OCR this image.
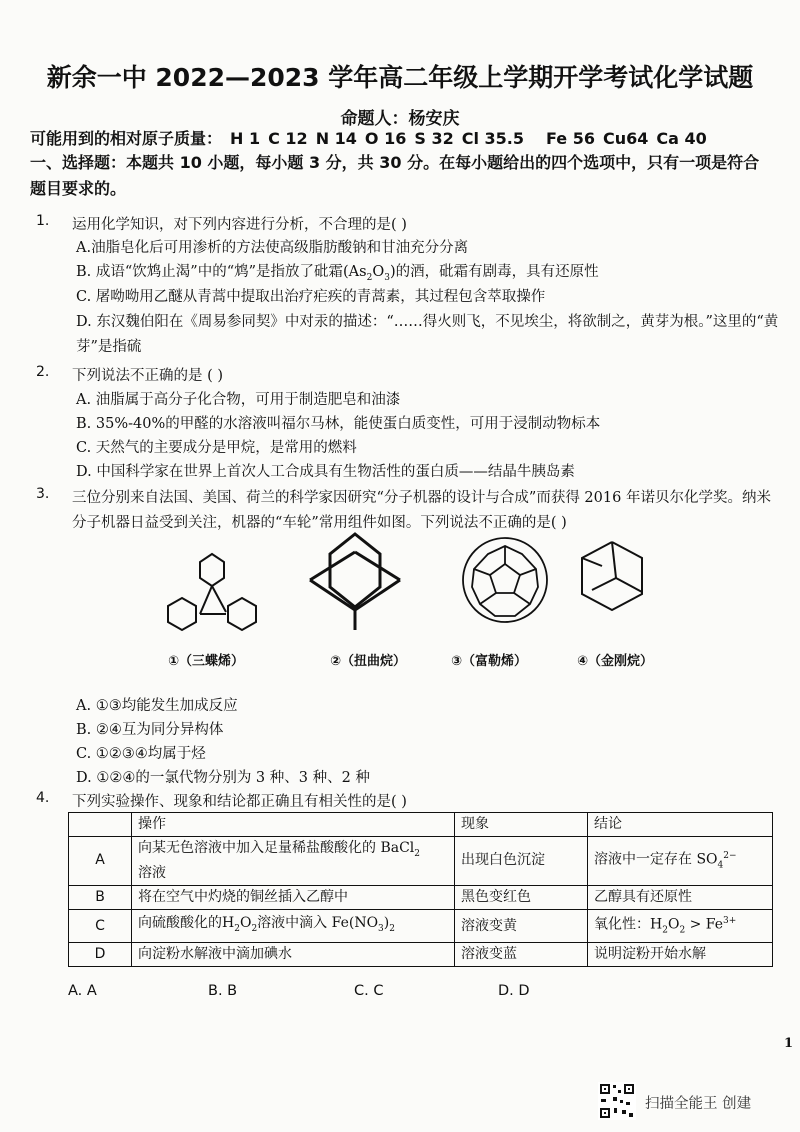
新余一中 2022—2023 学年高二年级上学期开学考试化学试题
命题人：杨安庆
可能用到的相对原子质量： H 1 C 12 N 14 O 16 S 32 Cl 35.5 Fe 56 Cu64 Ca 40
一、选择题：本题共 10 小题，每小题 3 分，共 30 分。在每小题给出的四个选项中，只有一项是符合题目要求的。
1. 运用化学知识，对下列内容进行分析，不合理的是( )
A.油脂皂化后可用渗析的方法使高级脂肪酸钠和甘油充分分离
B. 成语“饮鸩止渴”中的“鸩”是指放了砒霜$(As_2O_3)$的酒，砒霜有剧毒，具有还原性
C. 屠呦呦用乙醚从青蒿中提取出治疗疟疾的青蒿素，其过程包含萃取操作
D. 东汉魏伯阳在《周易参同契》中对汞的描述：“……得火则飞，不见埃尘，将欲制之，黄芽为根。”这里的“黄芽”是指硫
2. 下列说法不正确的是 ( )
A. 油脂属于高分子化合物，可用于制造肥皂和油漆
B. 35%-40%的甲醛的水溶液叫福尔马林，能使蛋白质变性，可用于浸制动物标本
C. 天然气的主要成分是甲烷，是常用的燃料
D. 中国科学家在世界上首次人工合成具有生物活性的蛋白质——结晶牛胰岛素
3. 三位分别来自法国、美国、荷兰的科学家因研究“分子机器的设计与合成”而获得 2016 年诺贝尔化学奖。纳米分子机器日益受到关注，机器的“车轮”常用组件如图。下列说法不正确的是( )
①（三蝶烯）	②（扭曲烷）	③（富勒烯）	④（金刚烷）
A. ①③均能发生加成反应
B. ②④互为同分异构体
C. ①②③④均属于烃
D. ①②④的一氯代物分别为 3 种、3 种、2 种
4. 下列实验操作、现象和结论都正确且有相关性的是( )
	操作	现象	结论
A	向某无色溶液中加入足量稀盐酸酸化的 BaCl$_2$
溶液	出现白色沉淀	溶液中一定存在 $SO_4^{2-}$
B	将在空气中灼烧的铜丝插入乙醇中	黑色变红色	乙醇具有还原性
C	向硫酸酸化的$H_2O_2$溶液中滴入 $Fe(NO_3)_2$	溶液变黄	氧化性：$H_2O_2 > Fe^{3+}$
D	向淀粉水解液中滴加碘水	溶液变蓝	说明淀粉开始水解
A. A	B. B	C. C	D. D
1
扫描全能王 创建
